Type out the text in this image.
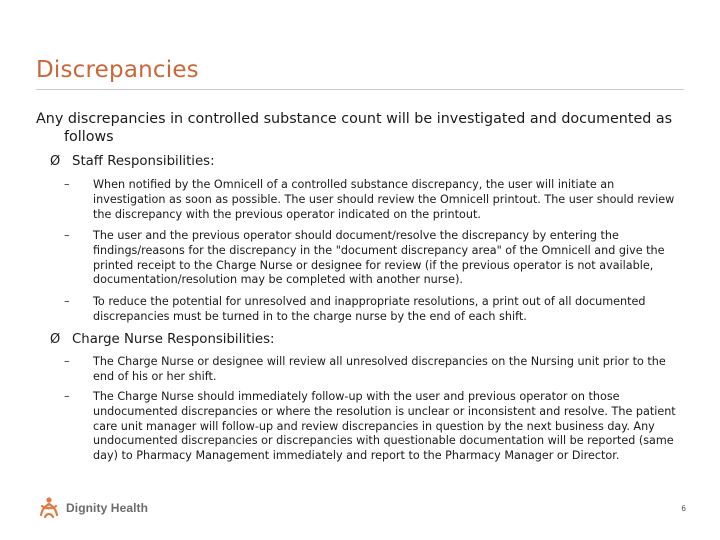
Discrepancies

Any discrepancies in controlled substance count will be investigated and documented as follows

Ø Staff Responsibilities:

–	When notified by the Omnicell of a controlled substance discrepancy, the user will initiate an investigation as soon as possible. The user should review the Omnicell printout. The user should review the discrepancy with the previous operator indicated on the printout.
–	The user and the previous operator should document/resolve the discrepancy by entering the findings/reasons for the discrepancy in the "document discrepancy area" of the Omnicell and give the printed receipt to the Charge Nurse or designee for review (if the previous operator is not available, documentation/resolution may be completed with another nurse).
–	To reduce the potential for unresolved and inappropriate resolutions, a print out of all documented discrepancies must be turned in to the charge nurse by the end of each shift.

Ø Charge Nurse Responsibilities:

–	The Charge Nurse or designee will review all unresolved discrepancies on the Nursing unit prior to the end of his or her shift.
–	The Charge Nurse should immediately follow-up with the user and previous operator on those undocumented discrepancies or where the resolution is unclear or inconsistent and resolve. The patient care unit manager will follow-up and review discrepancies in question by the next business day. Any undocumented discrepancies or discrepancies with questionable documentation will be reported (same day) to Pharmacy Management immediately and report to the Pharmacy Manager or Director.
Dignity Health	6
